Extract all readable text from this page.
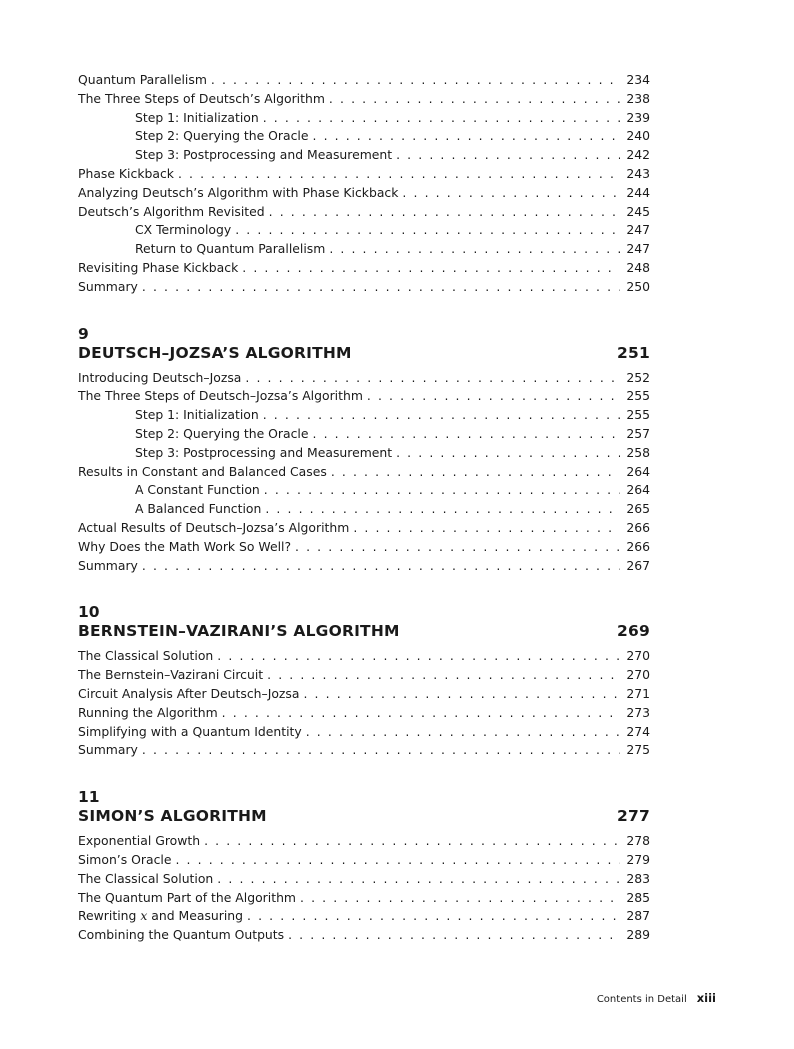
Quantum Parallelism . . .	234
The Three Steps of Deutsch’s Algorithm . . .	238
Step 1: Initialization . . .	239
Step 2: Querying the Oracle . . .	240
Step 3: Postprocessing and Measurement . . .	242
Phase Kickback . . .	243
Analyzing Deutsch’s Algorithm with Phase Kickback . . .	244
Deutsch’s Algorithm Revisited . . .	245
CX Terminology . . .	247
Return to Quantum Parallelism . . .	247
Revisiting Phase Kickback . . .	248
Summary . . .	250
9
DEUTSCH–JOZSA’S ALGORITHM	251
Introducing Deutsch–Jozsa . . .	252
The Three Steps of Deutsch–Jozsa’s Algorithm . . .	255
Step 1: Initialization . . .	255
Step 2: Querying the Oracle . . .	257
Step 3: Postprocessing and Measurement . . .	258
Results in Constant and Balanced Cases . . .	264
A Constant Function . . .	264
A Balanced Function . . .	265
Actual Results of Deutsch–Jozsa’s Algorithm . . .	266
Why Does the Math Work So Well? . . .	266
Summary . . .	267
10
BERNSTEIN–VAZIRANI’S ALGORITHM	269
The Classical Solution . . .	270
The Bernstein–Vazirani Circuit . . .	270
Circuit Analysis After Deutsch–Jozsa . . .	271
Running the Algorithm . . .	273
Simplifying with a Quantum Identity . . .	274
Summary . . .	275
11
SIMON’S ALGORITHM	277
Exponential Growth . . .	278
Simon’s Oracle . . .	279
The Classical Solution . . .	283
The Quantum Part of the Algorithm . . .	285
Rewriting x and Measuring . . .	287
Combining the Quantum Outputs . . .	289
Contents in Detail xiii
